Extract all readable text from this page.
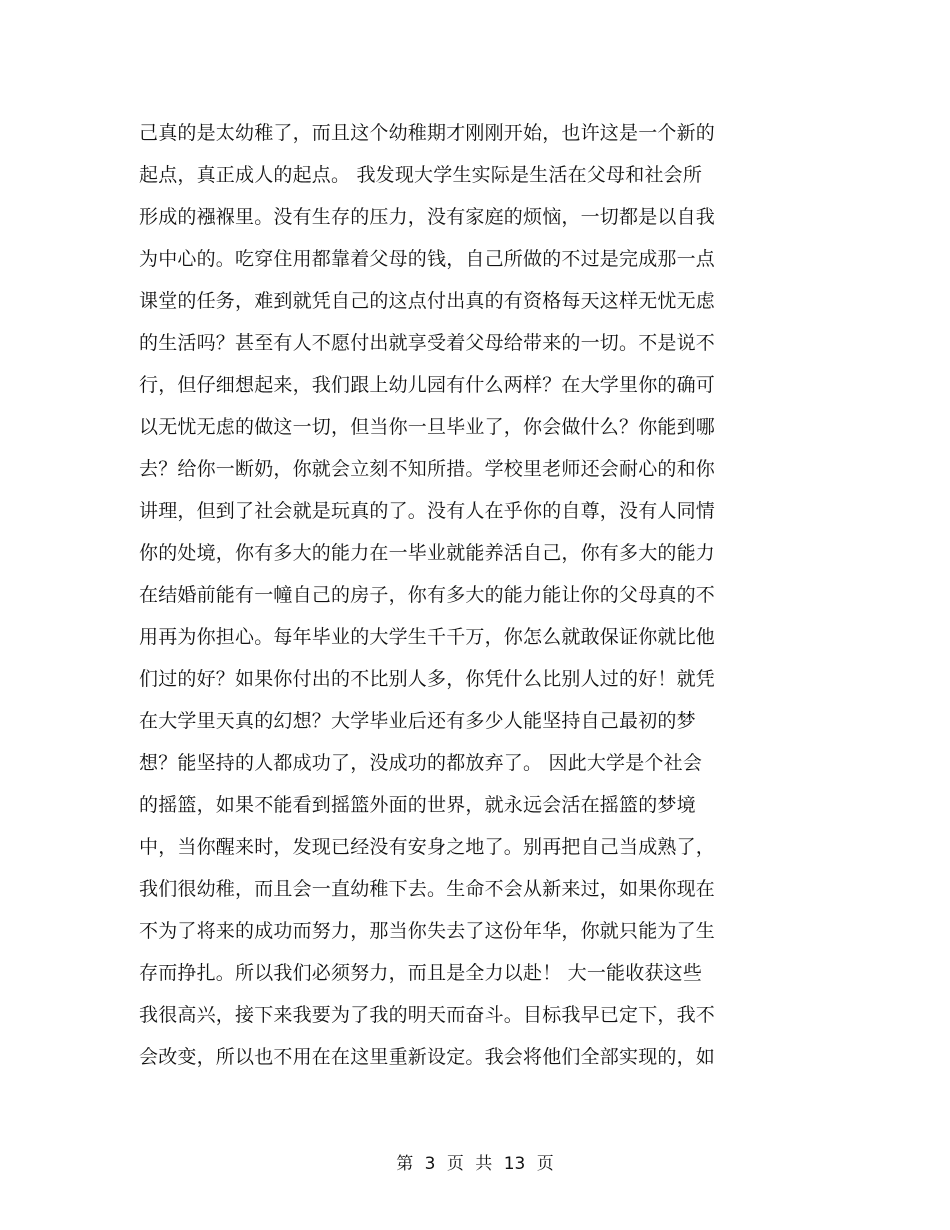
己真的是太幼稚了，而且这个幼稚期才刚刚开始，也许这是一个新的
起点，真正成人的起点。 我发现大学生实际是生活在父母和社会所
形成的襁褓里。没有生存的压力，没有家庭的烦恼，一切都是以自我
为中心的。吃穿住用都靠着父母的钱，自己所做的不过是完成那一点
课堂的任务，难到就凭自己的这点付出真的有资格每天这样无忧无虑
的生活吗？甚至有人不愿付出就享受着父母给带来的一切。不是说不
行，但仔细想起来，我们跟上幼儿园有什么两样？在大学里你的确可
以无忧无虑的做这一切，但当你一旦毕业了，你会做什么？你能到哪
去？给你一断奶，你就会立刻不知所措。学校里老师还会耐心的和你
讲理，但到了社会就是玩真的了。没有人在乎你的自尊，没有人同情
你的处境，你有多大的能力在一毕业就能养活自己，你有多大的能力
在结婚前能有一幢自己的房子，你有多大的能力能让你的父母真的不
用再为你担心。每年毕业的大学生千千万，你怎么就敢保证你就比他
们过的好？如果你付出的不比别人多，你凭什么比别人过的好！就凭
在大学里天真的幻想？大学毕业后还有多少人能坚持自己最初的梦
想？能坚持的人都成功了，没成功的都放弃了。 因此大学是个社会
的摇篮，如果不能看到摇篮外面的世界，就永远会活在摇篮的梦境
中，当你醒来时，发现已经没有安身之地了。别再把自己当成熟了，
我们很幼稚，而且会一直幼稚下去。生命不会从新来过，如果你现在
不为了将来的成功而努力，那当你失去了这份年华，你就只能为了生
存而挣扎。所以我们必须努力，而且是全力以赴！ 大一能收获这些
我很高兴，接下来我要为了我的明天而奋斗。目标我早已定下，我不
会改变，所以也不用在在这里重新设定。我会将他们全部实现的，如
第 3 页 共 13 页
